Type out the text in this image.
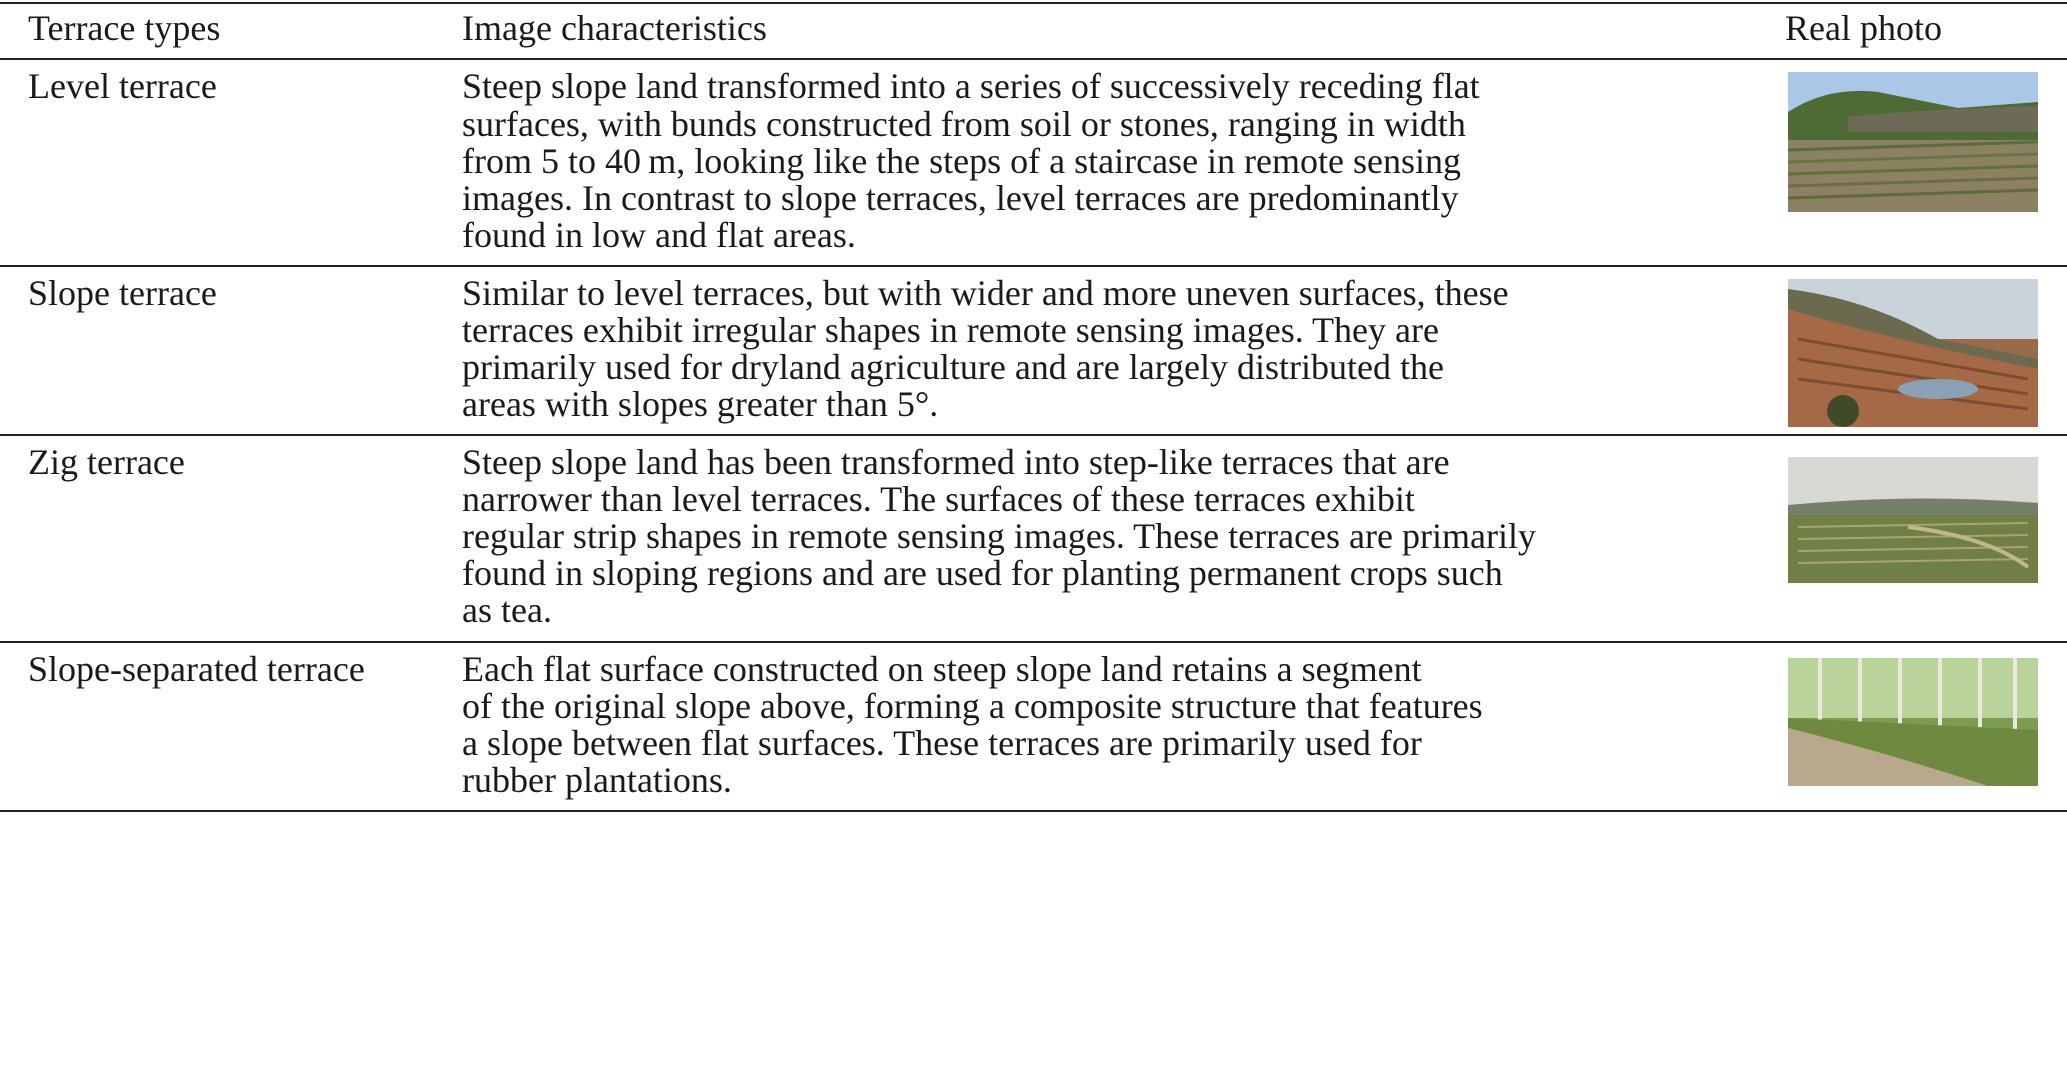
Terrace types	Image characteristics	Real photo
Level terrace	Steep slope land transformed into a series of successively receding flat
surfaces, with bunds constructed from soil or stones, ranging in width
from 5 to 40 m, looking like the steps of a staircase in remote sensing
images. In contrast to slope terraces, level terraces are predominantly
found in low and flat areas.
Slope terrace	Similar to level terraces, but with wider and more uneven surfaces, these
terraces exhibit irregular shapes in remote sensing images. They are
primarily used for dryland agriculture and are largely distributed the
areas with slopes greater than 5°.
Zig terrace	Steep slope land has been transformed into step-like terraces that are
narrower than level terraces. The surfaces of these terraces exhibit
regular strip shapes in remote sensing images. These terraces are primarily
found in sloping regions and are used for planting permanent crops such
as tea.
Slope-separated terrace	Each flat surface constructed on steep slope land retains a segment
of the original slope above, forming a composite structure that features
a slope between flat surfaces. These terraces are primarily used for
rubber plantations.
